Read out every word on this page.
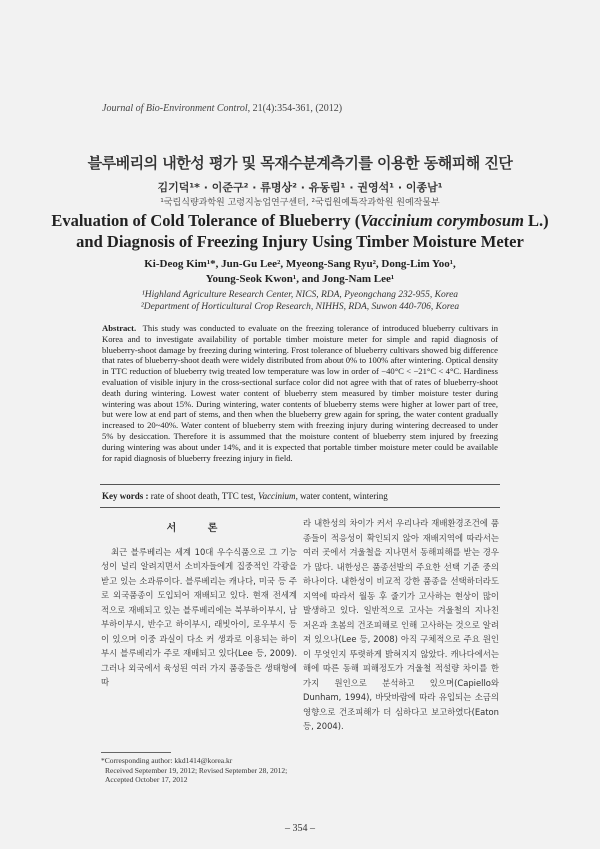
Journal of Bio-Environment Control, 21(4):354-361, (2012)
블루베리의 내한성 평가 및 목재수분계측기를 이용한 동해피해 진단
김기덕¹* · 이준구² · 류명상² · 유동림¹ · 권영석¹ · 이종남¹
¹국립식량과학원 고령지농업연구센터, ²국립원예특작과학원 원예작물부
Evaluation of Cold Tolerance of Blueberry (Vaccinium corymbosum L.)
and Diagnosis of Freezing Injury Using Timber Moisture Meter
Ki-Deog Kim¹*, Jun-Gu Lee², Myeong-Sang Ryu², Dong-Lim Yoo¹,
Young-Seok Kwon¹, and Jong-Nam Lee¹
¹Highland Agriculture Research Center, NICS, RDA, Pyeongchang 232-955, Korea
²Department of Horticultural Crop Research, NIHHS, RDA, Suwon 440-706, Korea
Abstract. This study was conducted to evaluate on the freezing tolerance of introduced blueberry cultivars in Korea and to investigate availability of portable timber moisture meter for simple and rapid diagnosis of blueberry-shoot damage by freezing during wintering. Frost tolerance of blueberry cultivars showed big difference that rates of blueberry-shoot death were widely distributed from about 0% to 100% after wintering. Optical density in TTC reduction of blueberry twig treated low temperature was low in order of −40°C < −21°C < 4°C. Hardiness evaluation of visible injury in the cross-sectional surface color did not agree with that of rates of blueberry-shoot death during wintering. Lowest water content of blueberry stem measured by timber moisture tester during wintering was about 15%. During wintering, water contents of blueberry stems were higher at lower part of tree, but were low at end part of stems, and then when the blueberry grew again for spring, the water content gradually increased to 20~40%. Water content of blueberry stem with freezing injury during wintering decreased to under 5% by desiccation. Therefore it is assummed that the moisture content of blueberry stem injured by freezing during wintering was about under 14%, and it is expected that portable timber moisture meter could be available for rapid diagnosis of blueberry freezing injury in field.
Key words : rate of shoot death, TTC test, Vaccinium, water content, wintering
서 론
최근 블루베리는 세계 10대 우수식품으로 그 기능성이 널리 알려지면서 소비자들에게 집중적인 각광을 받고 있는 소과류이다. 블루베리는 캐나다, 미국 등 주로 외국품종이 도입되어 재배되고 있다. 현재 전세계적으로 재배되고 있는 블루베리에는 북부하이부시, 남부하이부시, 반수고 하이부시, 래빗아이, 로우부시 등이 있으며 이중 과실이 다소 커 생과로 이용되는 하이부시 블루베리가 주로 재배되고 있다(Lee 등, 2009). 그러나 외국에서 육성된 여러 가지 품종들은 생태형에 따
라 내한성의 차이가 커서 우리나라 재배환경조건에 품종들이 적응성이 확인되지 않아 재배지역에 따라서는 여러 곳에서 겨울철을 지나면서 동해피해를 받는 경우가 많다. 내한성은 품종선발의 주요한 선택 기준 중의 하나이다. 내한성이 비교적 강한 품종을 선택하더라도 지역에 따라서 월동 후 줄기가 고사하는 현상이 많이 발생하고 있다. 일반적으로 고사는 겨울철의 지나친 저온과 초봄의 건조피해로 인해 고사하는 것으로 알려져 있으나(Lee 등, 2008) 아직 구체적으로 주요 원인이 무엇인지 뚜렷하게 밝혀지지 않았다. 캐나다에서는 해에 따른 동해 피해정도가 겨울철 적설량 차이를 한가지 원인으로 분석하고 있으며(Capiello와 Dunham, 1994), 바닷바람에 따라 유입되는 소금의 영향으로 건조피해가 더 심하다고 보고하였다(Eaton 등, 2004).
*Corresponding author: kkd1414@korea.kr
Received September 19, 2012; Revised September 28, 2012;
Accepted October 17, 2012
– 354 –
